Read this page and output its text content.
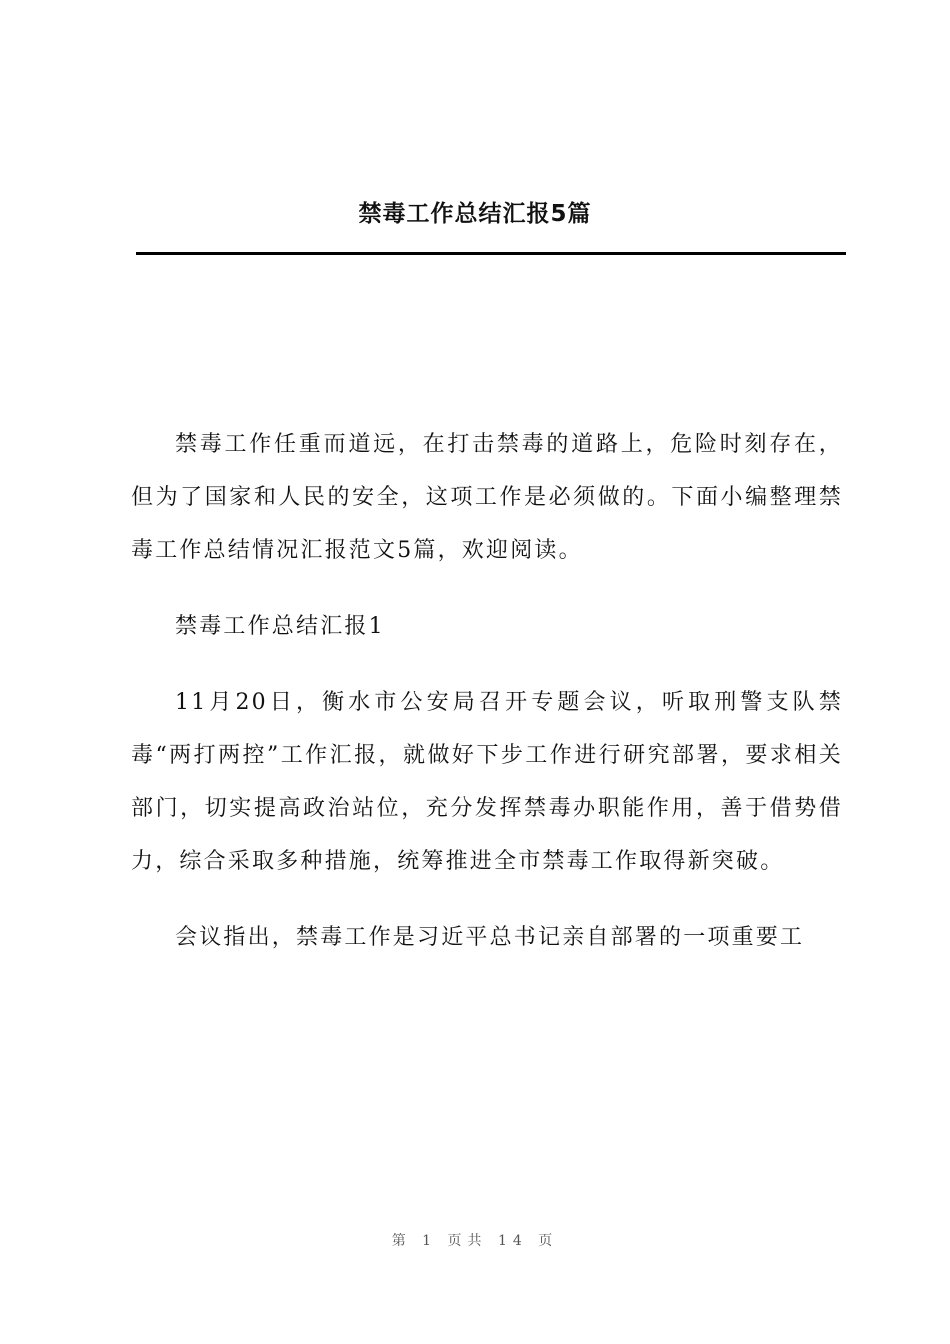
禁毒工作总结汇报5篇

禁毒工作任重而道远，在打击禁毒的道路上，危险时刻存在，但为了国家和人民的安全，这项工作是必须做的。下面小编整理禁毒工作总结情况汇报范文5篇，欢迎阅读。

禁毒工作总结汇报1

11月20日，衡水市公安局召开专题会议，听取刑警支队禁毒“两打两控”工作汇报，就做好下步工作进行研究部署，要求相关部门，切实提高政治站位，充分发挥禁毒办职能作用，善于借势借力，综合采取多种措施，统筹推进全市禁毒工作取得新突破。

会议指出，禁毒工作是习近平总书记亲自部署的一项重要工

第 1 页共 14 页
